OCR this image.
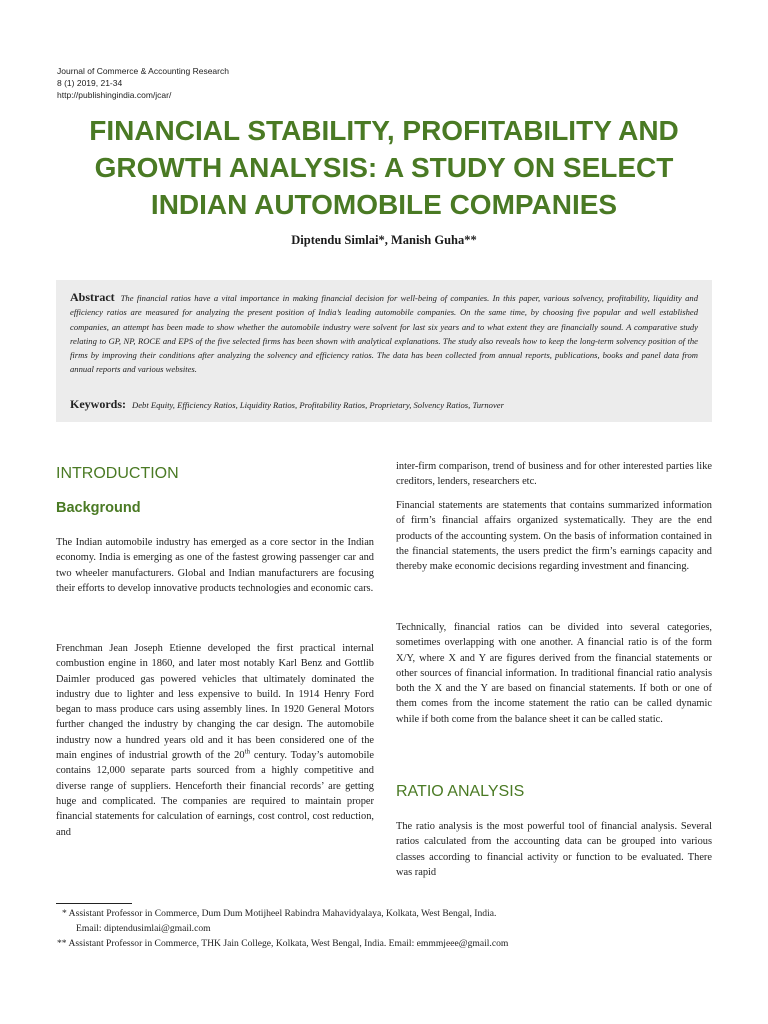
Journal of Commerce & Accounting Research
8 (1) 2019, 21-34
http://publishingindia.com/jcar/
FINANCIAL STABILITY, PROFITABILITY AND
GROWTH ANALYSIS: A STUDY ON SELECT
INDIAN AUTOMOBILE COMPANIES
Diptendu Simlai*, Manish Guha**
Abstract The financial ratios have a vital importance in making financial decision for well-being of companies. In this paper, various solvency, profitability, liquidity and efficiency ratios are measured for analyzing the present position of India’s leading automobile companies. On the same time, by choosing five popular and well established companies, an attempt has been made to show whether the automobile industry were solvent for last six years and to what extent they are financially sound. A comparative study relating to GP, NP, ROCE and EPS of the five selected firms has been shown with analytical explanations. The study also reveals how to keep the long-term solvency position of the firms by improving their conditions after analyzing the solvency and efficiency ratios. The data has been collected from annual reports, publications, books and panel data from annual reports and various websites.
Keywords: Debt Equity, Efficiency Ratios, Liquidity Ratios, Profitability Ratios, Proprietary, Solvency Ratios, Turnover
INTRODUCTION
Background
The Indian automobile industry has emerged as a core sector in the Indian economy. India is emerging as one of the fastest growing passenger car and two wheeler manufacturers. Global and Indian manufacturers are focusing their efforts to develop innovative products technologies and economic cars.
Frenchman Jean Joseph Etienne developed the first practical internal combustion engine in 1860, and later most notably Karl Benz and Gottlib Daimler produced gas powered vehicles that ultimately dominated the industry due to lighter and less expensive to build. In 1914 Henry Ford began to mass produce cars using assembly lines. In 1920 General Motors further changed the industry by changing the car design. The automobile industry now a hundred years old and it has been considered one of the main engines of industrial growth of the 20th century. Today’s automobile contains 12,000 separate parts sourced from a highly competitive and diverse range of suppliers. Henceforth their financial records’ are getting huge and complicated. The companies are required to maintain proper financial statements for calculation of earnings, cost control, cost reduction, and
inter-firm comparison, trend of business and for other interested parties like creditors, lenders, researchers etc.
Financial statements are statements that contains summarized information of firm’s financial affairs organized systematically. They are the end products of the accounting system. On the basis of information contained in the financial statements, the users predict the firm’s earnings capacity and thereby make economic decisions regarding investment and financing.
Technically, financial ratios can be divided into several categories, sometimes overlapping with one another. A financial ratio is of the form X/Y, where X and Y are figures derived from the financial statements or other sources of financial information. In traditional financial ratio analysis both the X and the Y are based on financial statements. If both or one of them comes from the income statement the ratio can be called dynamic while if both come from the balance sheet it can be called static.
RATIO ANALYSIS
The ratio analysis is the most powerful tool of financial analysis. Several ratios calculated from the accounting data can be grouped into various classes according to financial activity or function to be evaluated. There was rapid
* Assistant Professor in Commerce, Dum Dum Motijheel Rabindra Mahavidyalaya, Kolkata, West Bengal, India.
Email: diptendusimlai@gmail.com
** Assistant Professor in Commerce, THK Jain College, Kolkata, West Bengal, India. Email: emmmjeee@gmail.com
